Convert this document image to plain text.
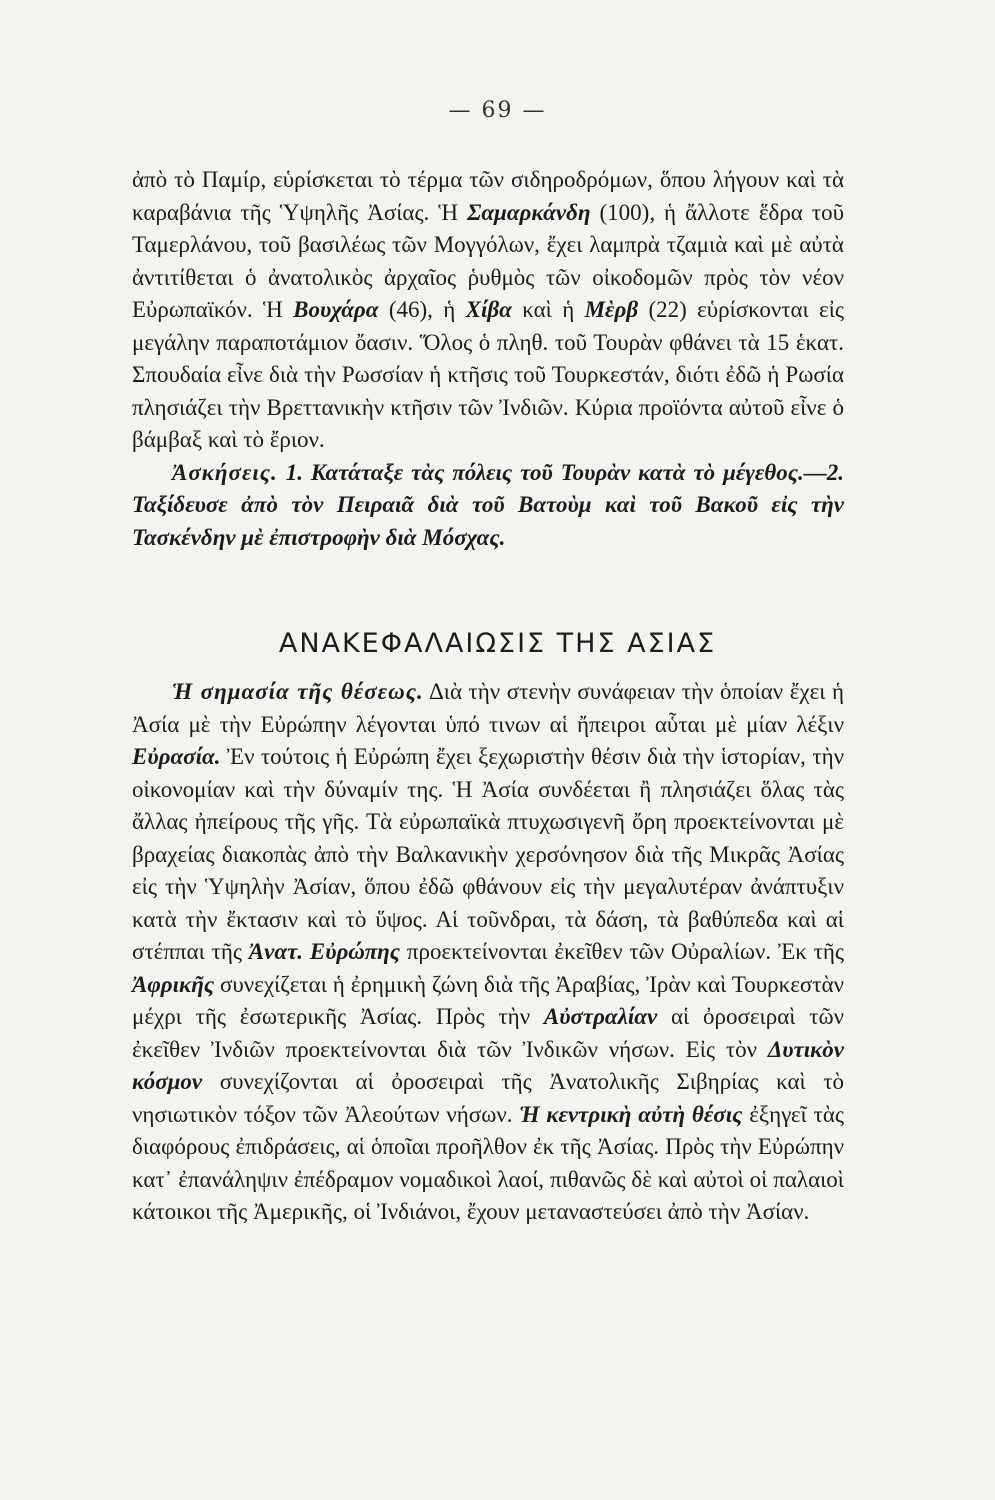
— 69 —

ἀπὸ τὸ Παμίρ, εὑρίσκεται τὸ τέρμα τῶν σιδηροδρόμων, ὅπου λήγουν καὶ τὰ καραβάνια τῆς Ὑψηλῆς Ἀσίας. Ἡ Σαμαρκάνδη (100), ἡ ἄλλοτε ἕδρα τοῦ Ταμερλάνου, τοῦ βασιλέως τῶν Μογγόλων, ἔχει λαμπρὰ τζαμιὰ καὶ μὲ αὐτὰ ἀντιτίθεται ὁ ἀνατολικὸς ἀρχαῖος ῥυθμὸς τῶν οἰκοδομῶν πρὸς τὸν νέον Εὐρωπαϊκόν. Ἡ Βουχάρα (46), ἡ Χίβα καὶ ἡ Μὲρβ (22) εὑρίσκονται εἰς μεγάλην παραποτάμιον ὄασιν. Ὅλος ὁ πληθ. τοῦ Τουρὰν φθάνει τὰ 15 ἑκατ. Σπουδαία εἶνε διὰ τὴν Ρωσσίαν ἡ κτῆσις τοῦ Τουρκεστάν, διότι ἐδῶ ἡ Ρωσία πλησιάζει τὴν Βρεττανικὴν κτῆσιν τῶν Ἰνδιῶν. Κύρια προϊόντα αὐτοῦ εἶνε ὁ βάμβαξ καὶ τὸ ἔριον.

Ἀσκήσεις. 1. Κατάταξε τὰς πόλεις τοῦ Τουρὰν κατὰ τὸ μέγεθος.—2. Ταξίδευσε ἀπὸ τὸν Πειραιᾶ διὰ τοῦ Βατοὺμ καὶ τοῦ Βακοῦ εἰς τὴν Τασκένδην μὲ ἐπιστροφὴν διὰ Μόσχας.

ΑΝΑΚΕΦΑΛΑΙΩΣΙΣ ΤΗΣ ΑΣΙΑΣ

Ἡ σημασία τῆς θέσεως. Διὰ τὴν στενὴν συνάφειαν τὴν ὁποίαν ἔχει ἡ Ἀσία μὲ τὴν Εὐρώπην λέγονται ὑπό τινων αἱ ἤπειροι αὗται μὲ μίαν λέξιν Εὐρασία. Ἐν τούτοις ἡ Εὐρώπη ἔχει ξεχωριστὴν θέσιν διὰ τὴν ἱστορίαν, τὴν οἰκονομίαν καὶ τὴν δύναμίν της. Ἡ Ἀσία συνδέεται ἢ πλησιάζει ὅλας τὰς ἄλλας ἠπείρους τῆς γῆς. Τὰ εὐρωπαϊκὰ πτυχωσιγενῆ ὄρη προεκτείνονται μὲ βραχείας διακοπὰς ἀπὸ τὴν Βαλκανικὴν χερσόνησον διὰ τῆς Μικρᾶς Ἀσίας εἰς τὴν Ὑψηλὴν Ἀσίαν, ὅπου ἐδῶ φθάνουν εἰς τὴν μεγαλυτέραν ἀνάπτυξιν κατὰ τὴν ἔκτασιν καὶ τὸ ὕψος. Αἱ τοῦνδραι, τὰ δάση, τὰ βαθύπεδα καὶ αἱ στέππαι τῆς Ἀνατ. Εὐρώπης προεκτείνονται ἐκεῖθεν τῶν Οὐραλίων. Ἐκ τῆς Ἀφρικῆς συνεχίζεται ἡ ἐρημικὴ ζώνη διὰ τῆς Ἀραβίας, Ἰρὰν καὶ Τουρκεστὰν μέχρι τῆς ἐσωτερικῆς Ἀσίας. Πρὸς τὴν Αὐστραλίαν αἱ ὀροσειραὶ τῶν ἐκεῖθεν Ἰνδιῶν προεκτείνονται διὰ τῶν Ἰνδικῶν νήσων. Εἰς τὸν Δυτικὸν κόσμον συνεχίζονται αἱ ὀροσειραὶ τῆς Ἀνατολικῆς Σιβηρίας καὶ τὸ νησιωτικὸν τόξον τῶν Ἀλεούτων νήσων. Ἡ κεντρικὴ αὐτὴ θέσις ἐξηγεῖ τὰς διαφόρους ἐπιδράσεις, αἱ ὁποῖαι προῆλθον ἐκ τῆς Ἀσίας. Πρὸς τὴν Εὐρώπην κατ᾽ ἐπανάληψιν ἐπέδραμον νομαδικοὶ λαοί, πιθανῶς δὲ καὶ αὐτοὶ οἱ παλαιοὶ κάτοικοι τῆς Ἀμερικῆς, οἱ Ἰνδιάνοι, ἔχουν μεταναστεύσει ἀπὸ τὴν Ἀσίαν.
